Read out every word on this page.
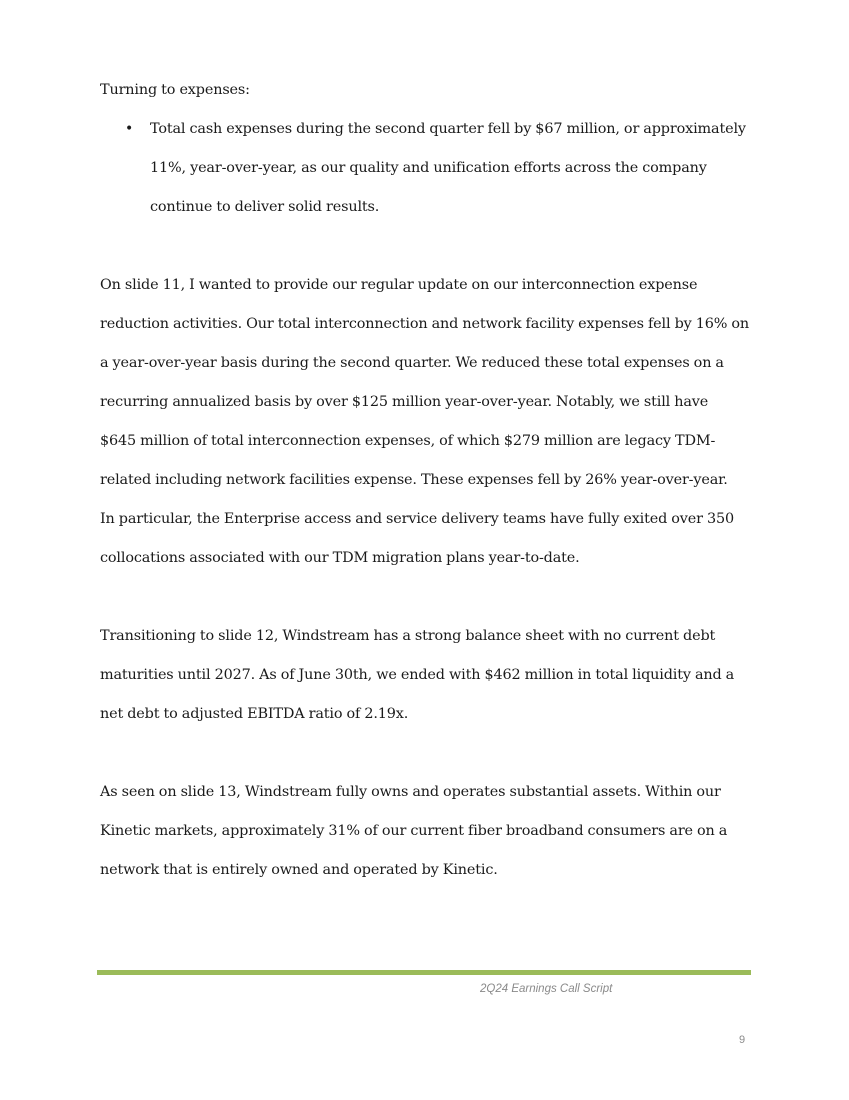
Turning to expenses:
• Total cash expenses during the second quarter fell by $67 million, or approximately
11%, year-over-year, as our quality and unification efforts across the company
continue to deliver solid results.
On slide 11, I wanted to provide our regular update on our interconnection expense
reduction activities. Our total interconnection and network facility expenses fell by 16% on
a year-over-year basis during the second quarter. We reduced these total expenses on a
recurring annualized basis by over $125 million year-over-year. Notably, we still have
$645 million of total interconnection expenses, of which $279 million are legacy TDM-
related including network facilities expense. These expenses fell by 26% year-over-year.
In particular, the Enterprise access and service delivery teams have fully exited over 350
collocations associated with our TDM migration plans year-to-date.
Transitioning to slide 12, Windstream has a strong balance sheet with no current debt
maturities until 2027. As of June 30th, we ended with $462 million in total liquidity and a
net debt to adjusted EBITDA ratio of 2.19x.
As seen on slide 13, Windstream fully owns and operates substantial assets. Within our
Kinetic markets, approximately 31% of our current fiber broadband consumers are on a
network that is entirely owned and operated by Kinetic.
2Q24 Earnings Call Script
9
